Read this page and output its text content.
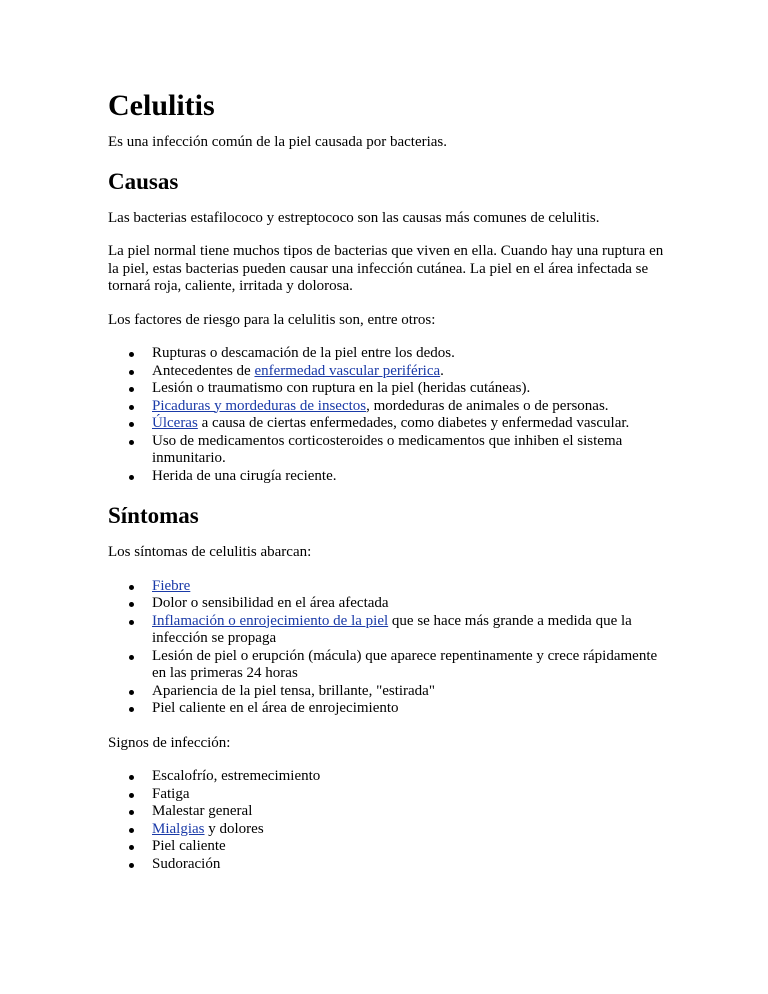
Celulitis

Es una infección común de la piel causada por bacterias.

Causas

Las bacterias estafilococo y estreptococo son las causas más comunes de celulitis.

La piel normal tiene muchos tipos de bacterias que viven en ella. Cuando hay una ruptura en la piel, estas bacterias pueden causar una infección cutánea. La piel en el área infectada se tornará roja, caliente, irritada y dolorosa.

Los factores de riesgo para la celulitis son, entre otros:

Rupturas o descamación de la piel entre los dedos.
Antecedentes de enfermedad vascular periférica.
Lesión o traumatismo con ruptura en la piel (heridas cutáneas).
Picaduras y mordeduras de insectos, mordeduras de animales o de personas.
Úlceras a causa de ciertas enfermedades, como diabetes y enfermedad vascular.
Uso de medicamentos corticosteroides o medicamentos que inhiben el sistema inmunitario.
Herida de una cirugía reciente.
Síntomas

Los síntomas de celulitis abarcan:

Fiebre
Dolor o sensibilidad en el área afectada
Inflamación o enrojecimiento de la piel que se hace más grande a medida que la infección se propaga
Lesión de piel o erupción (mácula) que aparece repentinamente y crece rápidamente en las primeras 24 horas
Apariencia de la piel tensa, brillante, "estirada"
Piel caliente en el área de enrojecimiento

Signos de infección:

Escalofrío, estremecimiento
Fatiga
Malestar general
Mialgias y dolores
Piel caliente
Sudoración
